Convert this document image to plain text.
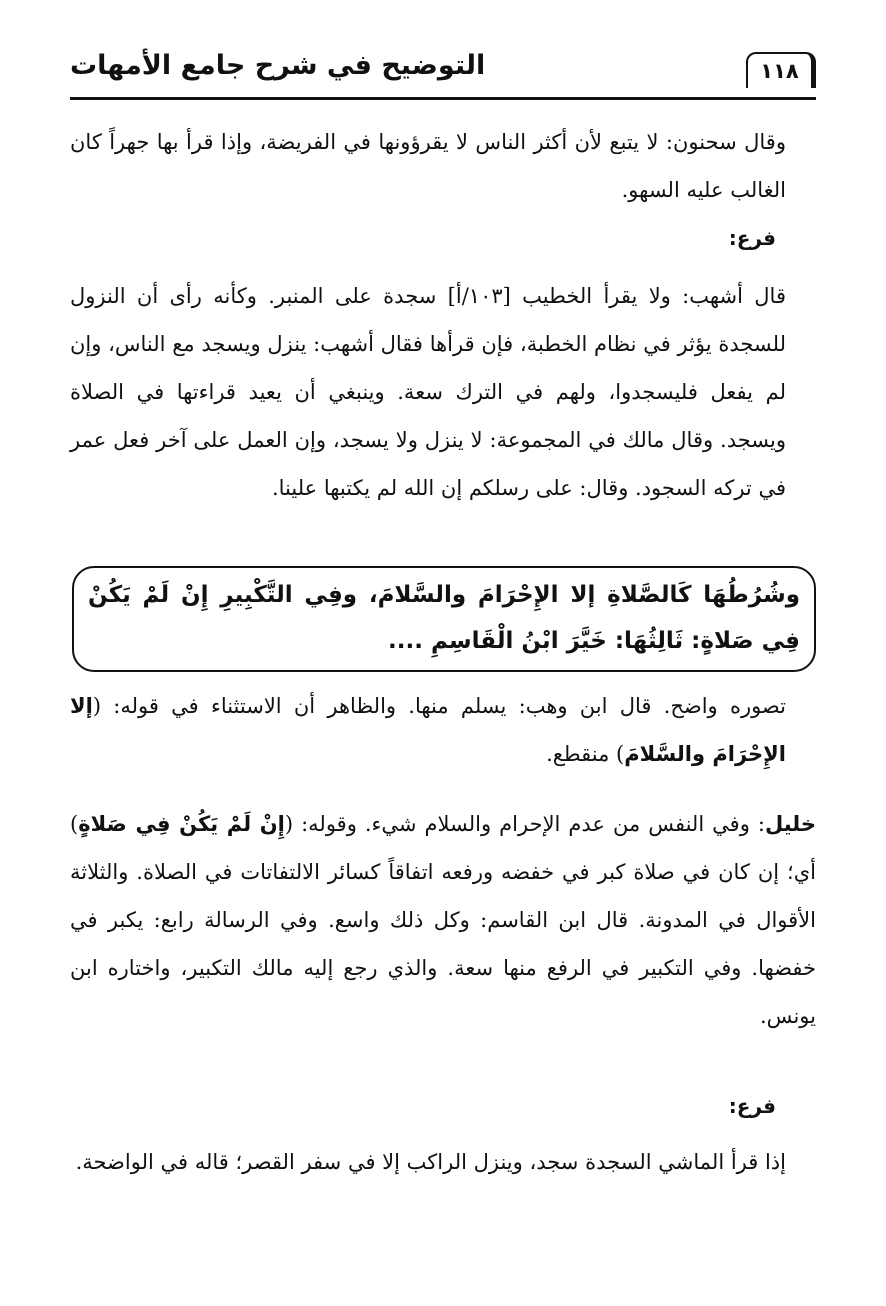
١١٨
التوضيح في شرح جامع الأمهات

وقال سحنون: لا يتبع لأن أكثر الناس لا يقرؤونها في الفريضة، وإذا قرأ بها جهراً كان الغالب عليه السهو.

فرع:

قال أشهب: ولا يقرأ الخطيب [١٠٣/أ] سجدة على المنبر. وكأنه رأى أن النزول للسجدة يؤثر في نظام الخطبة، فإن قرأها فقال أشهب: ينزل ويسجد مع الناس، وإن لم يفعل فليسجدوا، ولهم في الترك سعة. وينبغي أن يعيد قراءتها في الصلاة ويسجد. وقال مالك في المجموعة: لا ينزل ولا يسجد، وإن العمل على آخر فعل عمر في تركه السجود. وقال: على رسلكم إن الله لم يكتبها علينا.

وشُرُطُهَا كَالصَّلاةِ إلا الإِحْرَامَ والسَّلامَ، وفِي التَّكْبِيرِ إِنْ لَمْ يَكُنْ فِي صَلاةٍ: ثَالِثُهَا: خَيَّرَ ابْنُ الْقَاسِمِ ....

تصوره واضح. قال ابن وهب: يسلم منها. والظاهر أن الاستثناء في قوله: (إلا الإِحْرَامَ والسَّلامَ) منقطع.

خليل: وفي النفس من عدم الإحرام والسلام شيء. وقوله: (إِنْ لَمْ يَكُنْ فِي صَلاةٍ) أي؛ إن كان في صلاة كبر في خفضه ورفعه اتفاقاً كسائر الالتفاتات في الصلاة. والثلاثة الأقوال في المدونة. قال ابن القاسم: وكل ذلك واسع. وفي الرسالة رابع: يكبر في خفضها. وفي التكبير في الرفع منها سعة. والذي رجع إليه مالك التكبير، واختاره ابن يونس.

فرع:

إذا قرأ الماشي السجدة سجد، وينزل الراكب إلا في سفر القصر؛ قاله في الواضحة.
